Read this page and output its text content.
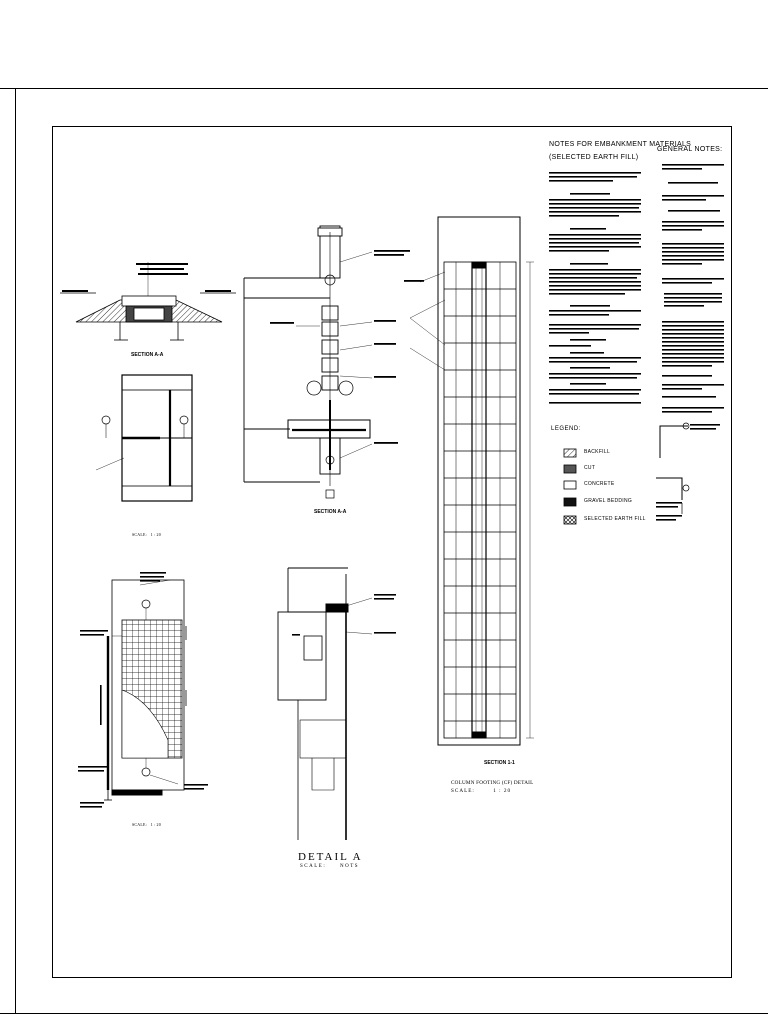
SECTION A-A
SCALE: 1 : 20
SECTION A-A
SECTION 1-1
COLUMN FOOTING (CF) DETAIL
SCALE:	1 : 20
SCALE: 1 : 20
DETAIL A
SCALE:	NOTS
NOTES FOR EMBANKMENT MATERIALS
(SELECTED EARTH FILL)
LEGEND:
BACKFILL
CUT
CONCRETE
GRAVEL BEDDING
SELECTED EARTH FILL
GENERAL NOTES:
